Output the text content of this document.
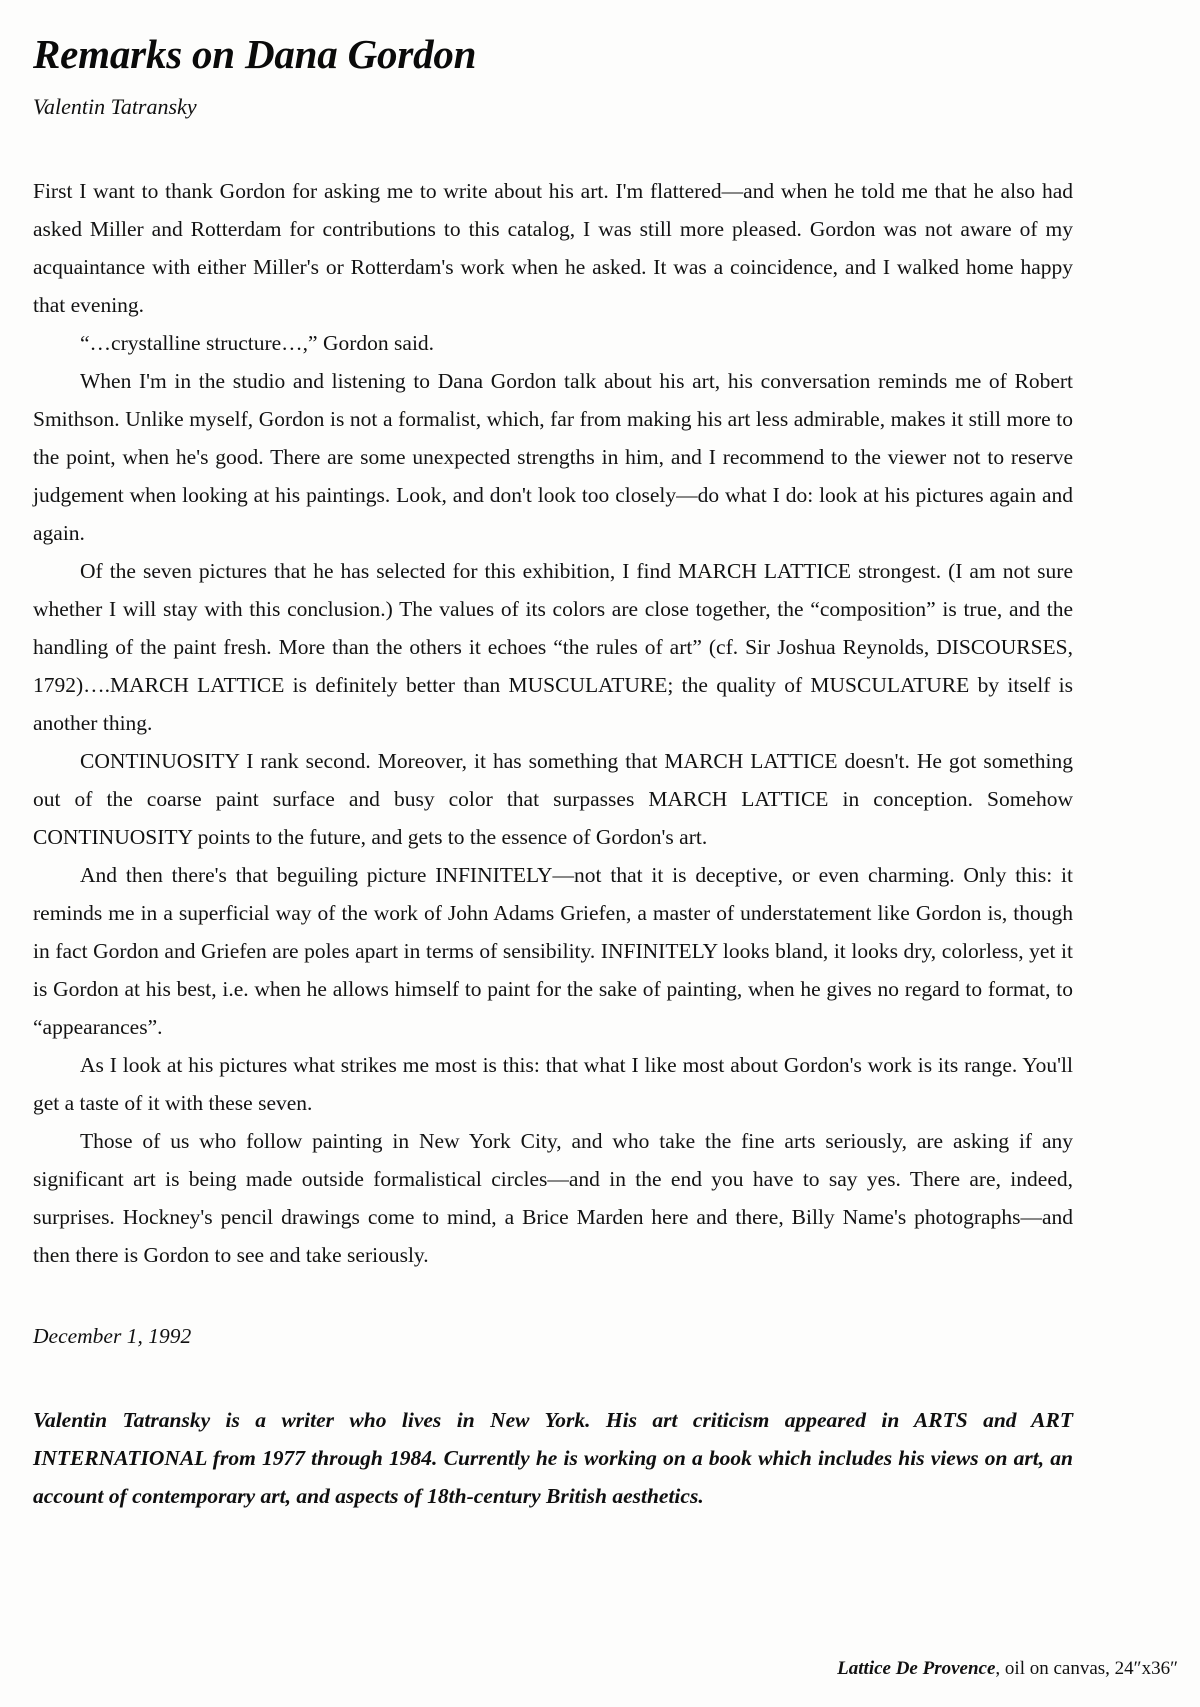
Remarks on Dana Gordon
Valentin Tatransky

First I want to thank Gordon for asking me to write about his art. I'm flattered—and when he told me that he also had asked Miller and Rotterdam for contributions to this catalog, I was still more pleased. Gordon was not aware of my acquaintance with either Miller's or Rotterdam's work when he asked. It was a coincidence, and I walked home happy that evening.

“…crystalline structure…,” Gordon said.

When I'm in the studio and listening to Dana Gordon talk about his art, his conversation reminds me of Robert Smithson. Unlike myself, Gordon is not a formalist, which, far from making his art less admirable, makes it still more to the point, when he's good. There are some unexpected strengths in him, and I recommend to the viewer not to reserve judgement when looking at his paintings. Look, and don't look too closely—do what I do: look at his pictures again and again.

Of the seven pictures that he has selected for this exhibition, I find MARCH LATTICE strongest. (I am not sure whether I will stay with this conclusion.) The values of its colors are close together, the “composition” is true, and the handling of the paint fresh. More than the others it echoes “the rules of art” (cf. Sir Joshua Reynolds, DISCOURSES, 1792)….MARCH LATTICE is definitely better than MUSCULATURE; the quality of MUSCULATURE by itself is another thing.

CONTINUOSITY I rank second. Moreover, it has something that MARCH LATTICE doesn't. He got something out of the coarse paint surface and busy color that surpasses MARCH LATTICE in conception. Somehow CONTINUOSITY points to the future, and gets to the essence of Gordon's art.

And then there's that beguiling picture INFINITELY—not that it is deceptive, or even charming. Only this: it reminds me in a superficial way of the work of John Adams Griefen, a master of understatement like Gordon is, though in fact Gordon and Griefen are poles apart in terms of sensibility. INFINITELY looks bland, it looks dry, colorless, yet it is Gordon at his best, i.e. when he allows himself to paint for the sake of painting, when he gives no regard to format, to “appearances”.

As I look at his pictures what strikes me most is this: that what I like most about Gordon's work is its range. You'll get a taste of it with these seven.

Those of us who follow painting in New York City, and who take the fine arts seriously, are asking if any significant art is being made outside formalistical circles—and in the end you have to say yes. There are, indeed, surprises. Hockney's pencil drawings come to mind, a Brice Marden here and there, Billy Name's photographs—and then there is Gordon to see and take seriously.

December 1, 1992
Valentin Tatransky is a writer who lives in New York. His art criticism appeared in ARTS and ART INTERNATIONAL from 1977 through 1984. Currently he is working on a book which includes his views on art, an account of contemporary art, and aspects of 18th-century British aesthetics.
Lattice De Provence, oil on canvas, 24″x36″
